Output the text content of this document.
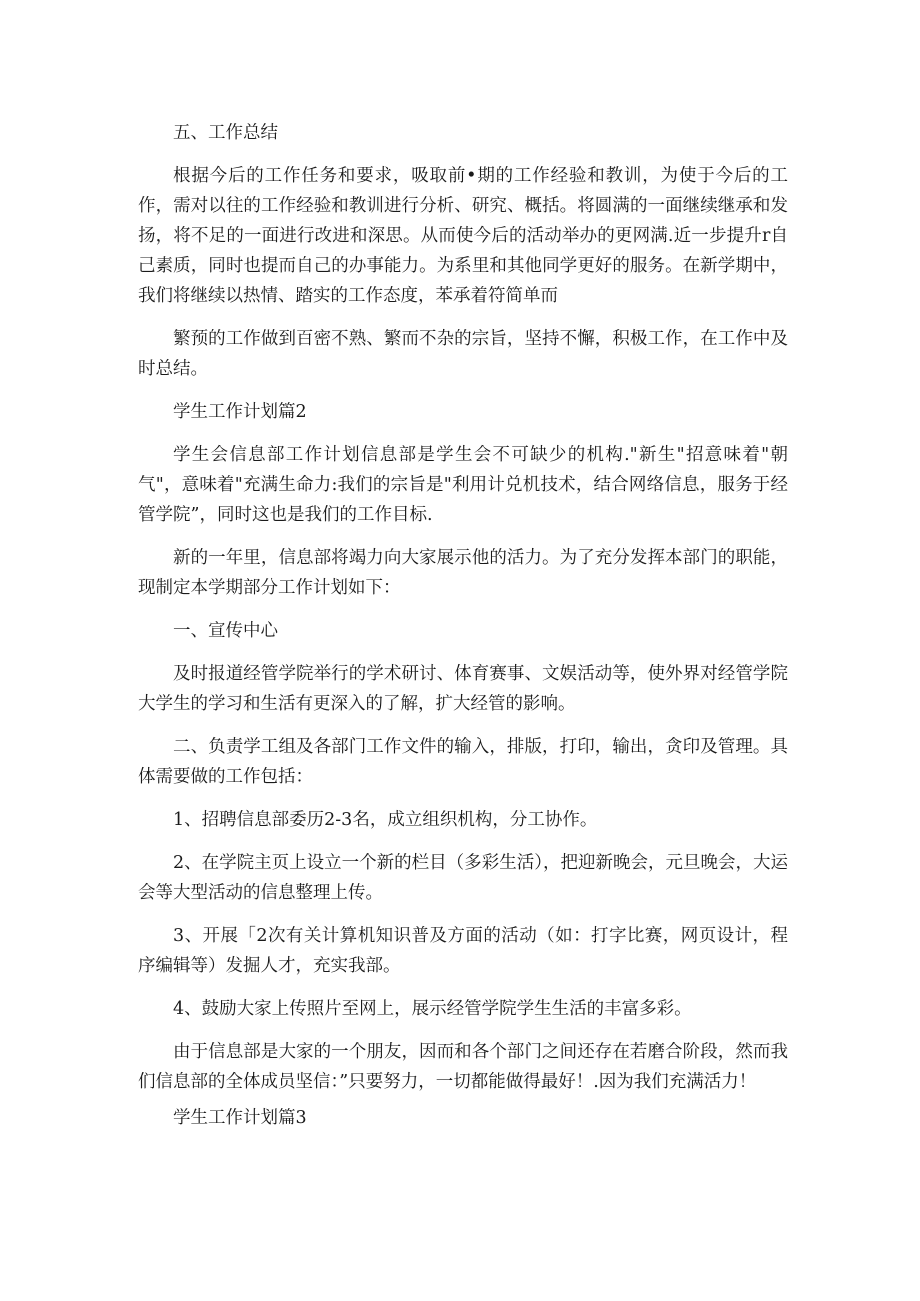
五、工作总结

根据今后的工作任务和要求，吸取前•期的工作经验和教训，为使于今后的工作，需对以往的工作经验和教训进行分析、研究、概括。将圆满的一面继续继承和发扬，将不足的一面进行改进和深思。从而使今后的活动举办的更网满.近一步提升r自己素质，同时也提而自己的办事能力。为系里和其他同学更好的服务。在新学期中，我们将继续以热情、踏实的工作态度，苯承着符简单而

繁预的工作做到百密不熟、繁而不杂的宗旨，坚持不懈，积极工作，在工作中及时总结。

学生工作计划篇2

学生会信息部工作计划信息部是学生会不可缺少的机构."新生"招意味着"朝气"，意味着"充满生命力:我们的宗旨是"利用计兑机技术，结合网络信息，服务于经管学院”，同时这也是我们的工作目标.

新的一年里，信息部将竭力向大家展示他的活力。为了充分发挥本部门的职能，现制定本学期部分工作计划如下：

一、宣传中心

及时报道经管学院举行的学术研讨、体育赛事、文娱活动等，使外界对经管学院大学生的学习和生活有更深入的了解，扩大经管的影响。

二、负责学工组及各部门工作文件的输入，排版，打印，输出，贪印及管理。具体需要做的工作包括：

1、招聘信息部委历2-3名，成立组织机构，分工协作。

2、在学院主页上设立一个新的栏目（多彩生活），把迎新晚会，元旦晚会，大运会等大型活动的信息整理上传。

3、开展「2次有关计算机知识普及方面的活动（如：打字比赛，网页设计，程序编辑等）发掘人才，充实我部。

4、鼓励大家上传照片至网上，展示经管学院学生生活的丰富多彩。

由于信息部是大家的一个朋友，因而和各个部门之间还存在若磨合阶段，然而我们信息部的全体成员坚信：”只要努力，一切都能做得最好！.因为我们充满活力！

学生工作计划篇3
